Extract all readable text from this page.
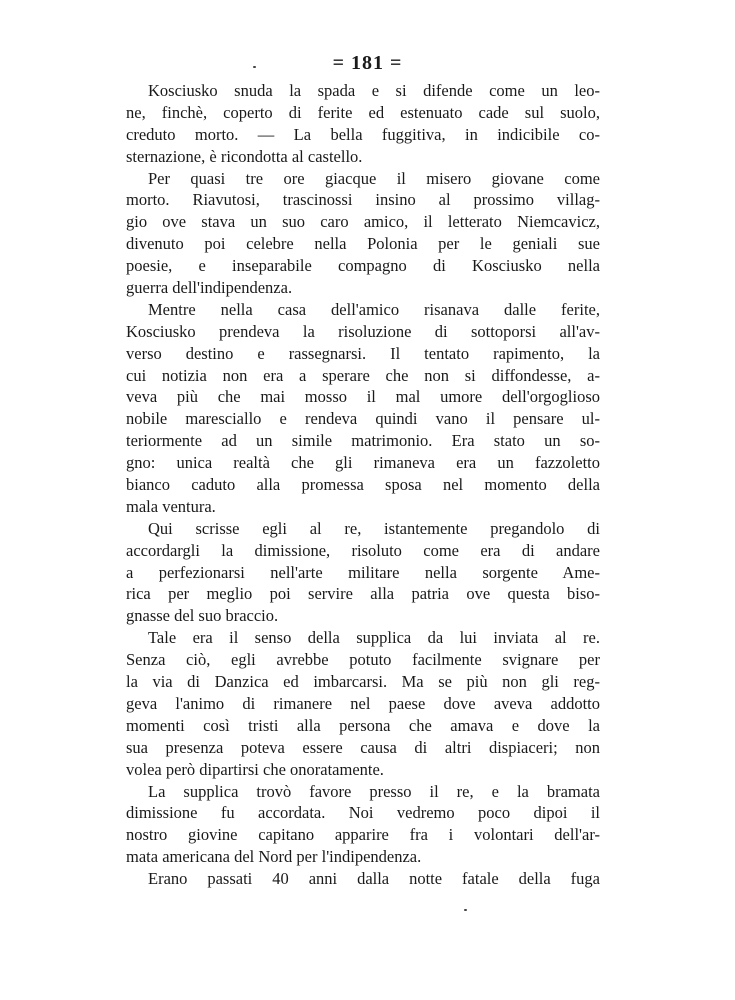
= 181 =
Kosciusko snuda la spada e si difende come un leo-
ne, finchè, coperto di ferite ed estenuato cade sul suolo,
creduto morto. — La bella fuggitiva, in indicibile co-
sternazione, è ricondotta al castello.
Per quasi tre ore giacque il misero giovane come
morto. Riavutosi, trascinossi insino al prossimo villag-
gio ove stava un suo caro amico, il letterato Niemcavicz,
divenuto poi celebre nella Polonia per le geniali sue
poesie, e inseparabile compagno di Kosciusko nella
guerra dell'indipendenza.
Mentre nella casa dell'amico risanava dalle ferite,
Kosciusko prendeva la risoluzione di sottoporsi all'av-
verso destino e rassegnarsi. Il tentato rapimento, la
cui notizia non era a sperare che non si diffondesse, a-
veva più che mai mosso il mal umore dell'orgoglioso
nobile maresciallo e rendeva quindi vano il pensare ul-
teriormente ad un simile matrimonio. Era stato un so-
gno: unica realtà che gli rimaneva era un fazzoletto
bianco caduto alla promessa sposa nel momento della
mala ventura.
Qui scrisse egli al re, istantemente pregandolo di
accordargli la dimissione, risoluto come era di andare
a perfezionarsi nell'arte militare nella sorgente Ame-
rica per meglio poi servire alla patria ove questa biso-
gnasse del suo braccio.
Tale era il senso della supplica da lui inviata al re.
Senza ciò, egli avrebbe potuto facilmente svignare per
la via di Danzica ed imbarcarsi. Ma se più non gli reg-
geva l'animo di rimanere nel paese dove aveva addotto
momenti così tristi alla persona che amava e dove la
sua presenza poteva essere causa di altri dispiaceri; non
volea però dipartirsi che onoratamente.
La supplica trovò favore presso il re, e la bramata
dimissione fu accordata. Noi vedremo poco dipoi il
nostro giovine capitano apparire fra i volontari dell'ar-
mata americana del Nord per l'indipendenza.
Erano passati 40 anni dalla notte fatale della fuga
